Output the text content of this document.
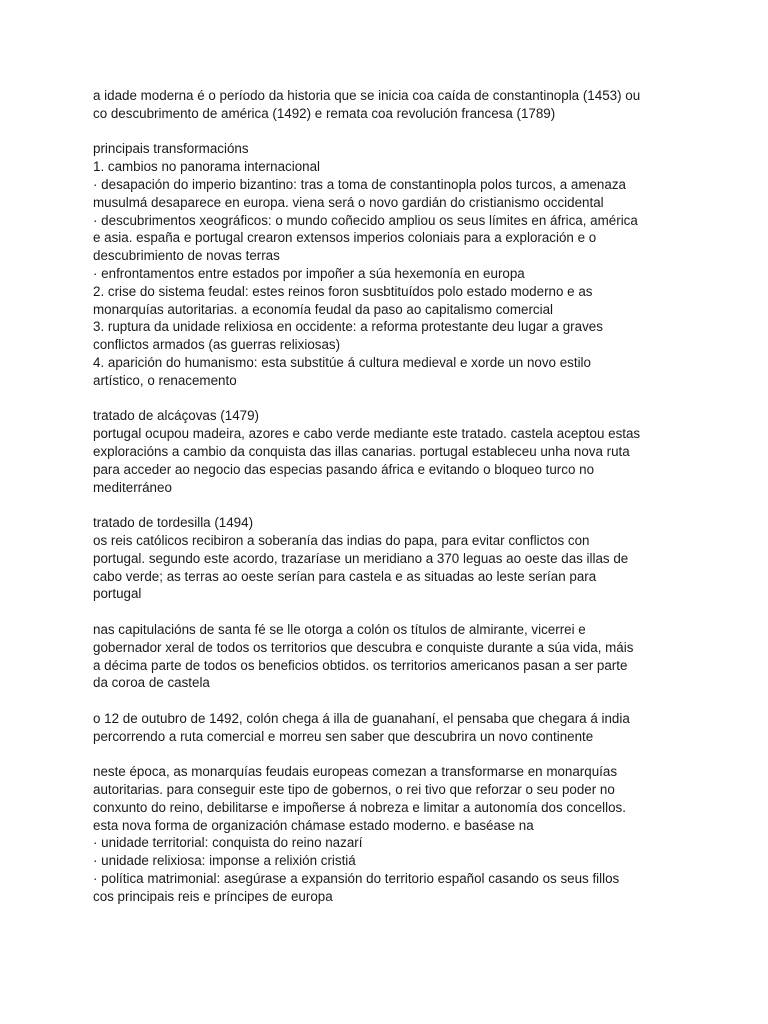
a idade moderna é o período da historia que se inicia coa caída de constantinopla (1453) ou
co descubrimento de américa (1492) e remata coa revolución francesa (1789)
principais transformacións
1. cambios no panorama internacional
· desapación do imperio bizantino: tras a toma de constantinopla polos turcos, a amenaza
musulmá desaparece en europa. viena será o novo gardián do cristianismo occidental
· descubrimentos xeográficos: o mundo coñecido ampliou os seus límites en áfrica, américa
e asia. españa e portugal crearon extensos imperios coloniais para a exploración e o
descubrimiento de novas terras
· enfrontamentos entre estados por impoñer a súa hexemonía en europa
2. crise do sistema feudal: estes reinos foron susbtituídos polo estado moderno e as
monarquías autoritarias. a economía feudal da paso ao capitalismo comercial
3. ruptura da unidade relixiosa en occidente: a reforma protestante deu lugar a graves
conflictos armados (as guerras relixiosas)
4. aparición do humanismo: esta substitúe á cultura medieval e xorde un novo estilo
artístico, o renacemento
tratado de alcáçovas (1479)
portugal ocupou madeira, azores e cabo verde mediante este tratado. castela aceptou estas
exploracións a cambio da conquista das illas canarias. portugal estableceu unha nova ruta
para acceder ao negocio das especias pasando áfrica e evitando o bloqueo turco no
mediterráneo
tratado de tordesilla (1494)
os reis católicos recibiron a soberanía das indias do papa, para evitar conflictos con
portugal. segundo este acordo, trazaríase un meridiano a 370 leguas ao oeste das illas de
cabo verde; as terras ao oeste serían para castela e as situadas ao leste serían para
portugal
nas capitulacións de santa fé se lle otorga a colón os títulos de almirante, vicerrei e
gobernador xeral de todos os territorios que descubra e conquiste durante a súa vida, máis
a décima parte de todos os beneficios obtidos. os territorios americanos pasan a ser parte
da coroa de castela
o 12 de outubro de 1492, colón chega á illa de guanahaní, el pensaba que chegara á india
percorrendo a ruta comercial e morreu sen saber que descubrira un novo continente
neste época, as monarquías feudais europeas comezan a transformarse en monarquías
autoritarias. para conseguir este tipo de gobernos, o rei tivo que reforzar o seu poder no
conxunto do reino, debilitarse e impoñerse á nobreza e limitar a autonomía dos concellos.
esta nova forma de organización chámase estado moderno. e baséase na
· unidade territorial: conquista do reino nazarí
· unidade relixiosa: imponse a relixión cristiá
· política matrimonial: asegúrase a expansión do territorio español casando os seus fillos
cos principais reis e príncipes de europa
